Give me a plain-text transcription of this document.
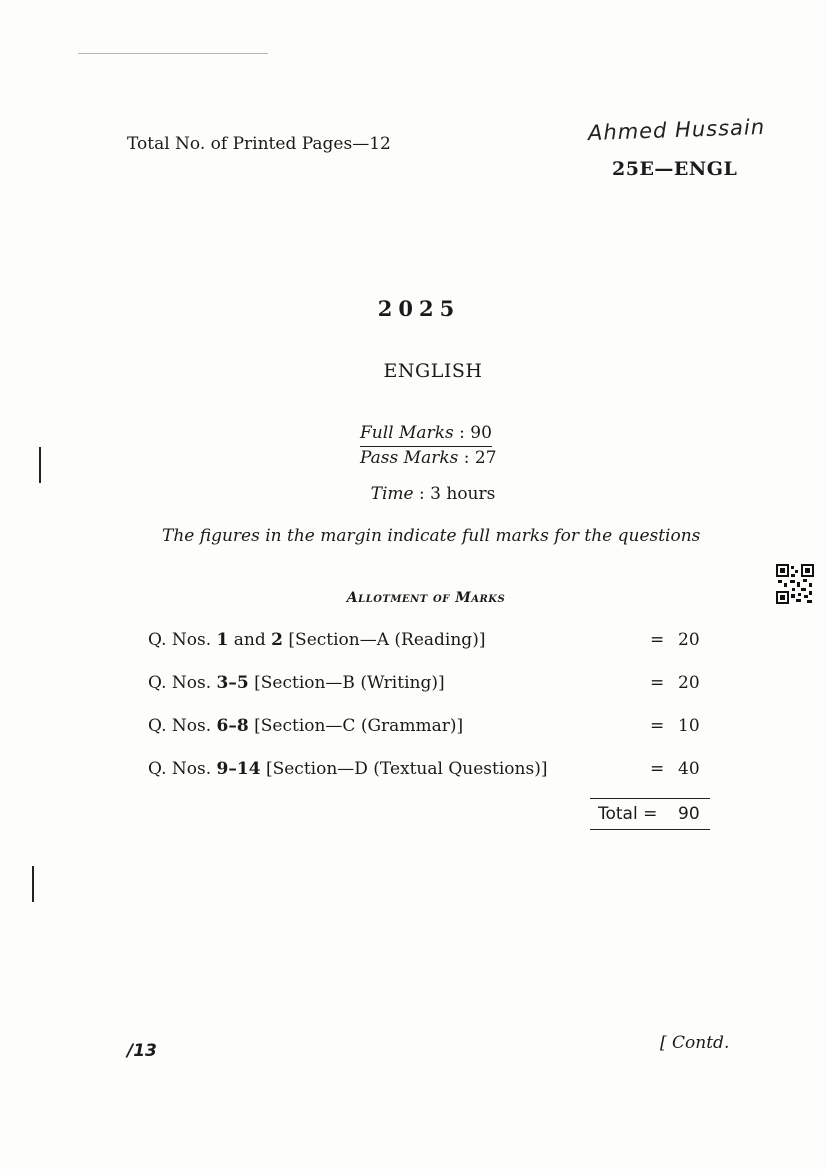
Total No. of Printed Pages—12	Ahmed Hussain
25E—ENGL
2025
ENGLISH
Full Marks : 90
Pass Marks : 27
Time : 3 hours
The figures in the margin indicate full marks for the questions
Allotment of Marks
Q. Nos. 1 and 2 [Section—A (Reading)]	= 20
Q. Nos. 3–5 [Section—B (Writing)]	= 20
Q. Nos. 6–8 [Section—C (Grammar)]	= 10
Q. Nos. 9–14 [Section—D (Textual Questions)]	= 40
Total = 90
/13	[ Contd.
